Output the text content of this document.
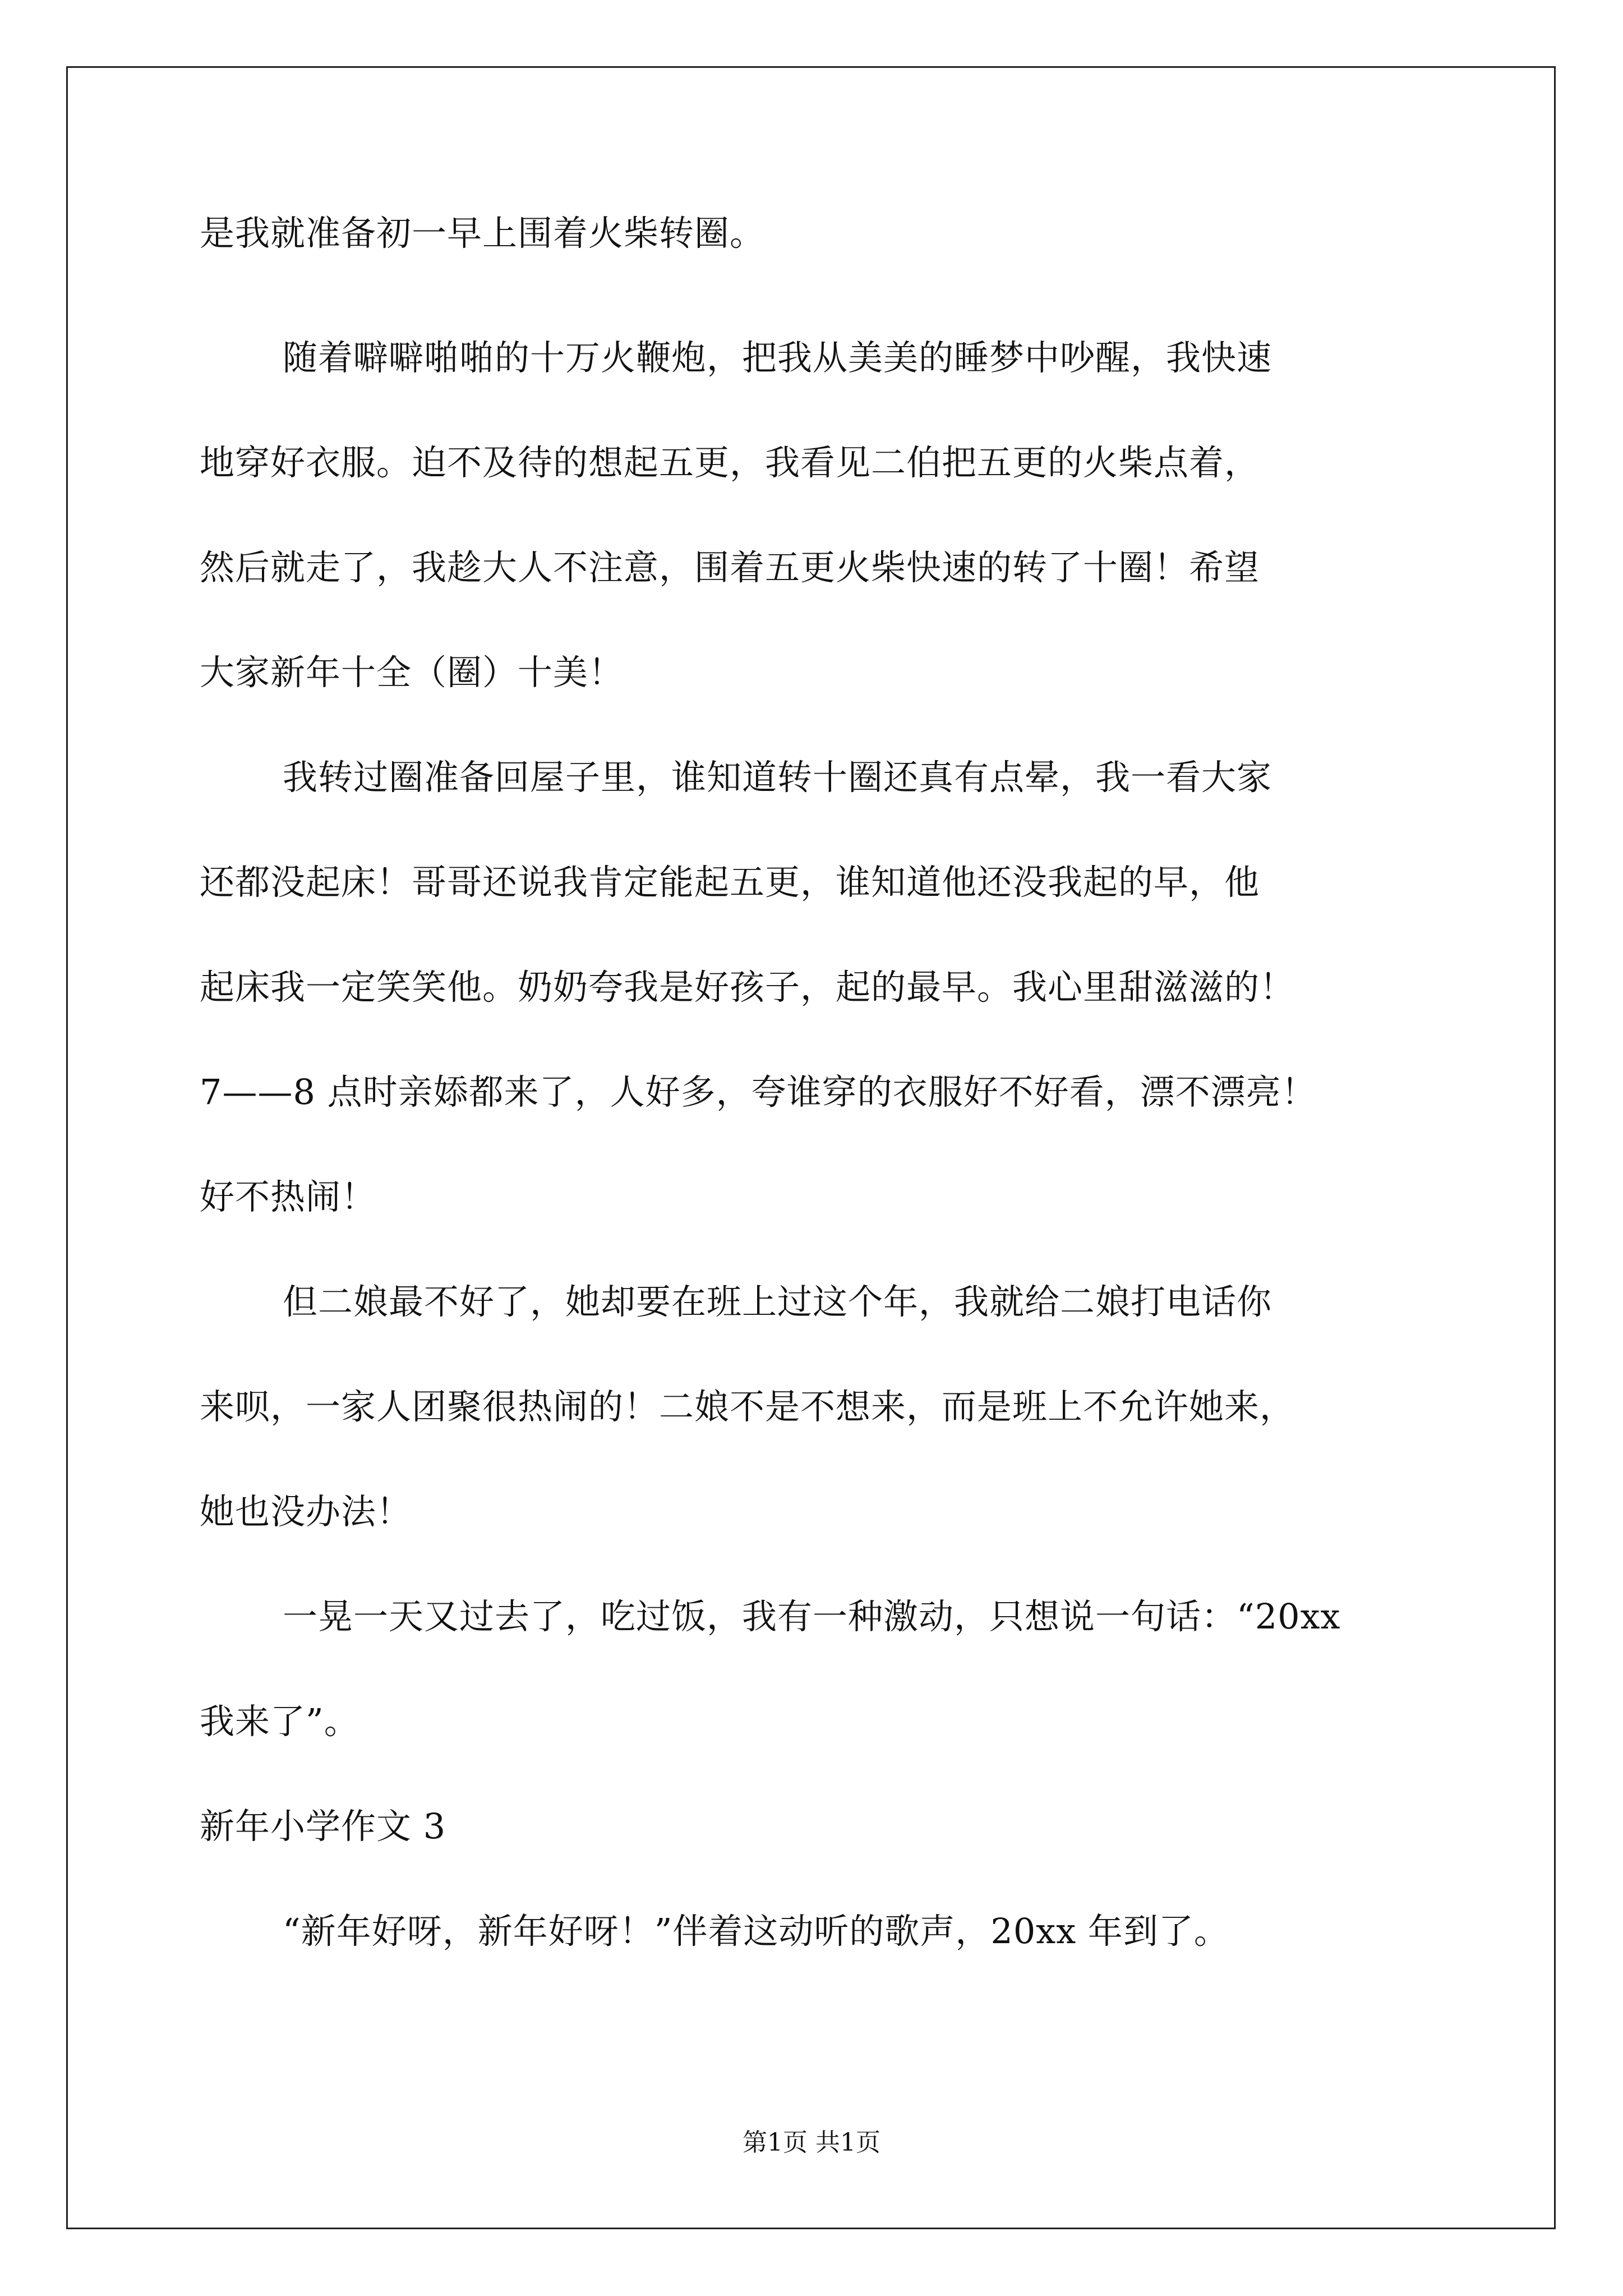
是我就准备初一早上围着火柴转圈。
随着噼噼啪啪的十万火鞭炮，把我从美美的睡梦中吵醒，我快速
地穿好衣服。迫不及待的想起五更，我看见二伯把五更的火柴点着，
然后就走了，我趁大人不注意，围着五更火柴快速的转了十圈！希望
大家新年十全（圈）十美！
我转过圈准备回屋子里，谁知道转十圈还真有点晕，我一看大家
还都没起床！哥哥还说我肯定能起五更，谁知道他还没我起的早，他
起床我一定笑笑他。奶奶夸我是好孩子，起的最早。我心里甜滋滋的！
7——8 点时亲婖都来了，人好多，夸谁穿的衣服好不好看，漂不漂亮！
好不热闹！
但二娘最不好了，她却要在班上过这个年，我就给二娘打电话你
来呗，一家人团聚很热闹的！二娘不是不想来，而是班上不允许她来，
她也没办法！
一晃一天又过去了，吃过饭，我有一种激动，只想说一句话：“20xx
我来了”。
新年小学作文 3
“新年好呀，新年好呀！”伴着这动听的歌声，20xx 年到了。
第1页 共1页
